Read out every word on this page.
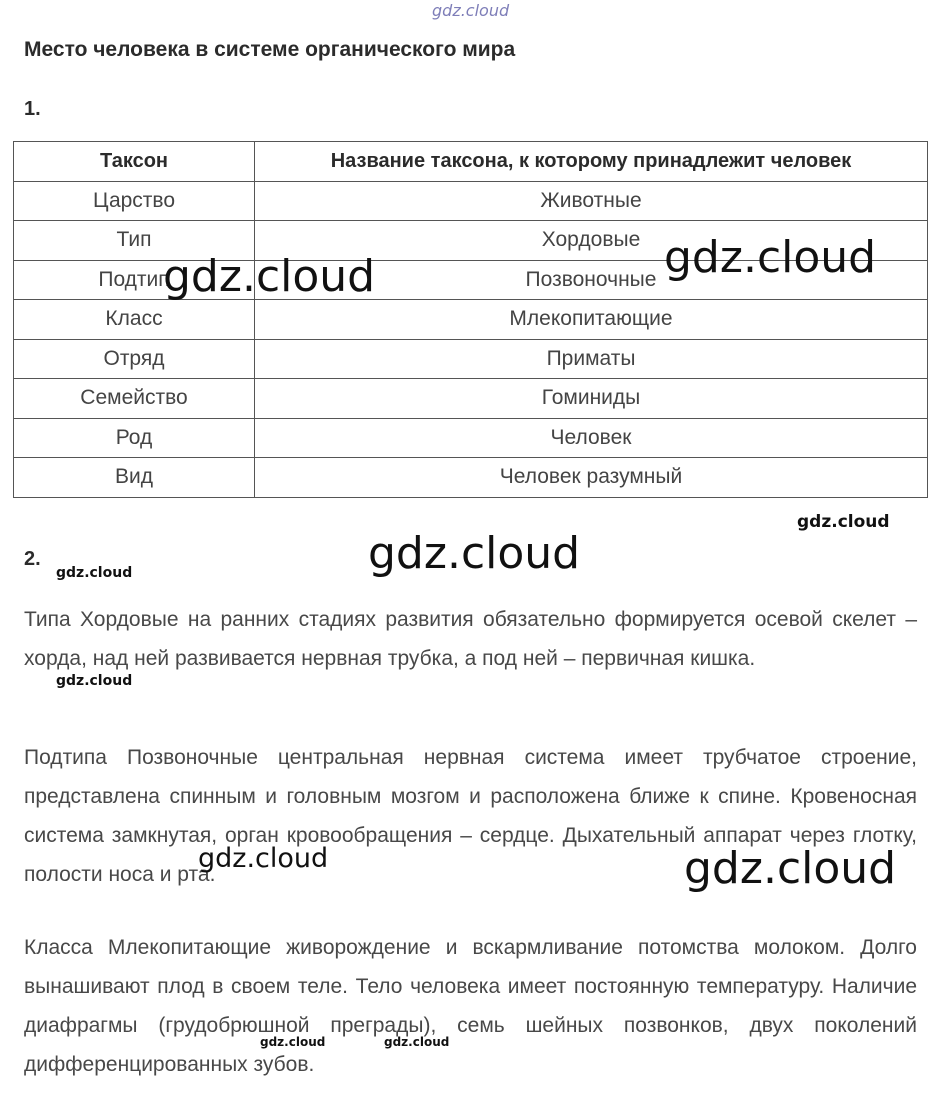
gdz.cloud
Место человека в системе органического мира
1.
Таксон	Название таксона, к которому принадлежит человек
Царство	Животные
Тип	Хордовые
Подтип	Позвоночные
Класс	Млекопитающие
Отряд	Приматы
Семейство	Гоминиды
Род	Человек
Вид	Человек разумный
2.

Типа Хордовые на ранних стадиях развития обязательно формируется осевой скелет – хорда, над ней развивается нервная трубка, а под ней – первичная кишка.

Подтипа Позвоночные центральная нервная система имеет трубчатое строение, представлена спинным и головным мозгом и расположена ближе к спине. Кровеносная система замкнутая, орган кровообращения – сердце. Дыхательный аппарат через глотку, полости носа и рта.

Класса Млекопитающие живорождение и вскармливание потомства молоком. Долго вынашивают плод в своем теле. Тело человека имеет постоянную температуру. Наличие диафрагмы (грудобрюшной преграды), семь шейных позвонков, двух поколений дифференцированных зубов.

gdz.cloud	gdz.cloud
gdz.cloud
gdz.cloud
gdz.cloud
gdz.cloud
gdz.cloud	gdz.cloud
gdz.cloud	gdz.cloud
